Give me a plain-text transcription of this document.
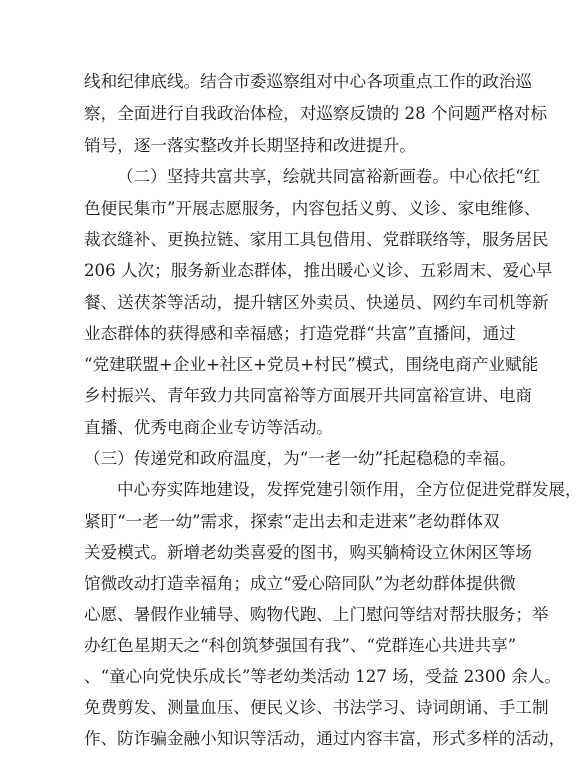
线和纪律底线。结合市委巡察组对中心各项重点工作的政治巡
察，全面进行自我政治体检，对巡察反馈的 28 个问题严格对标
销号，逐一落实整改并长期坚持和改进提升。
（二）坚持共富共享，绘就共同富裕新画卷。中心依托“红
色便民集市”开展志愿服务，内容包括义剪、义诊、家电维修、
裁衣缝补、更换拉链、家用工具包借用、党群联络等，服务居民
206 人次；服务新业态群体，推出暖心义诊、五彩周末、爱心早
餐、送茯茶等活动，提升辖区外卖员、快递员、网约车司机等新
业态群体的获得感和幸福感；打造党群“共富”直播间，通过
“党建联盟+企业+社区+党员+村民”模式，围绕电商产业赋能
乡村振兴、青年致力共同富裕等方面展开共同富裕宣讲、电商
直播、优秀电商企业专访等活动。
（三）传递党和政府温度，为“一老一幼”托起稳稳的幸福。
中心夯实阵地建设，发挥党建引领作用，全方位促进党群发展，
紧盯“一老一幼”需求，探索“走出去和走进来”老幼群体双
关爱模式。新增老幼类喜爱的图书，购买躺椅设立休闲区等场
馆微改动打造幸福角；成立“爱心陪同队”为老幼群体提供微
心愿、暑假作业辅导、购物代跑、上门慰问等结对帮扶服务；举
办红色星期天之“科创筑梦强国有我”、“党群连心共进共享”
、“童心向党快乐成长”等老幼类活动 127 场，受益 2300 余人。
免费剪发、测量血压、便民义诊、书法学习、诗词朗诵、手工制
作、防诈骗金融小知识等活动，通过内容丰富，形式多样的活动，
